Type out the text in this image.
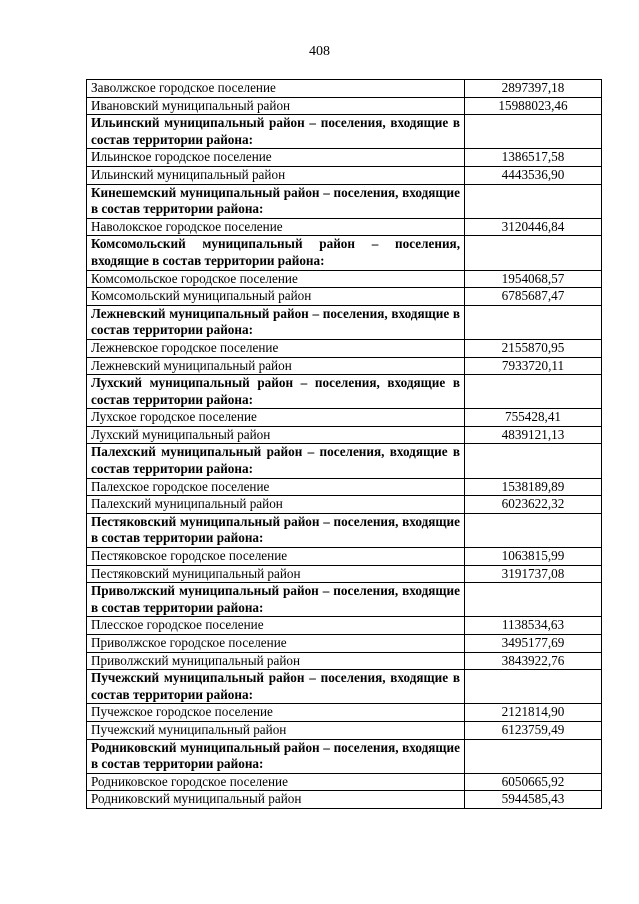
408
Заволжское городское поселение	2897397,18
Ивановский муниципальный район	15988023,46
Ильинский муниципальный район – поселения, входящие в состав территории района:	
Ильинское городское поселение	1386517,58
Ильинский муниципальный район	4443536,90
Кинешемский муниципальный район – поселения, входящие в состав территории района:	
Наволокское городское поселение	3120446,84
Комсомольский муниципальный район – поселения, входящие в состав территории района:	
Комсомольское городское поселение	1954068,57
Комсомольский муниципальный район	6785687,47
Лежневский муниципальный район – поселения, входящие в состав территории района:	
Лежневское городское поселение	2155870,95
Лежневский муниципальный район	7933720,11
Лухский муниципальный район – поселения, входящие в состав территории района:	
Лухское городское поселение	755428,41
Лухский муниципальный район	4839121,13
Палехский муниципальный район – поселения, входящие в состав территории района:	
Палехское городское поселение	1538189,89
Палехский муниципальный район	6023622,32
Пестяковский муниципальный район – поселения, входящие в состав территории района:	
Пестяковское городское поселение	1063815,99
Пестяковский муниципальный район	3191737,08
Приволжский муниципальный район – поселения, входящие в состав территории района:	
Плесское городское поселение	1138534,63
Приволжское городское поселение	3495177,69
Приволжский муниципальный район	3843922,76
Пучежский муниципальный район – поселения, входящие в состав территории района:	
Пучежское городское поселение	2121814,90
Пучежский муниципальный район	6123759,49
Родниковский муниципальный район – поселения, входящие в состав территории района:	
Родниковское городское поселение	6050665,92
Родниковский муниципальный район	5944585,43
